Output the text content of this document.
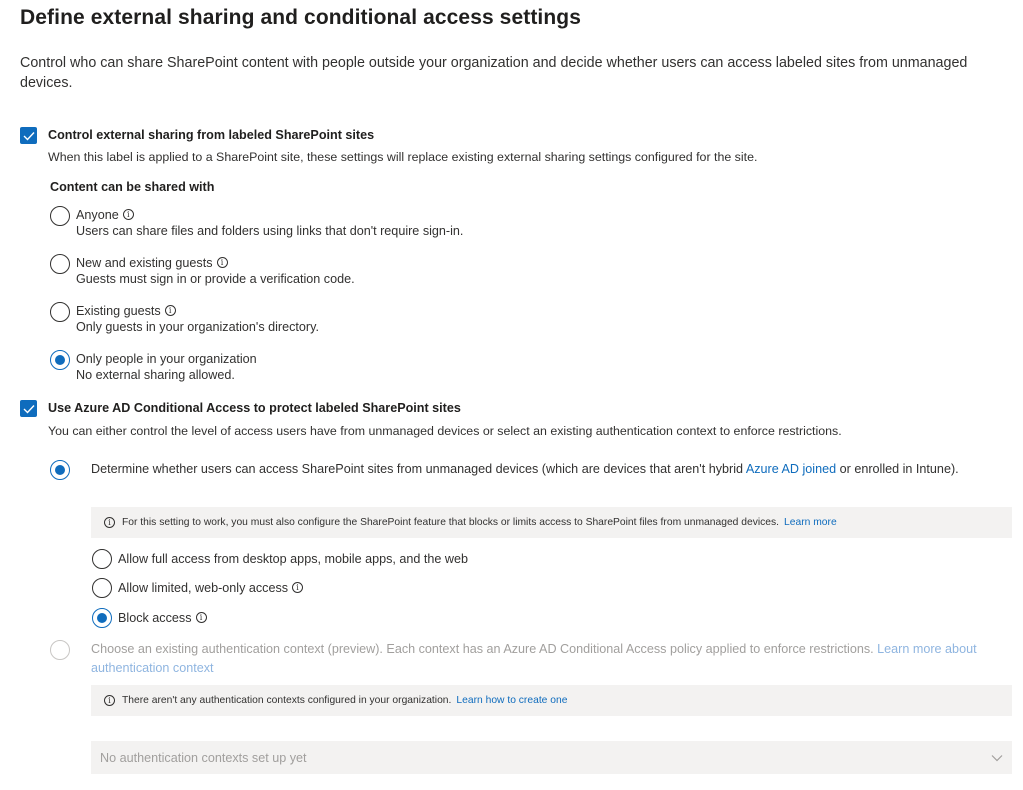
Define external sharing and conditional access settings
Control who can share SharePoint content with people outside your organization and decide whether users can access labeled sites from unmanaged devices.
Control external sharing from labeled SharePoint sites
When this label is applied to a SharePoint site, these settings will replace existing external sharing settings configured for the site.
Content can be shared with
Anyone	i
Users can share files and folders using links that don't require sign-in.
New and existing guests	i
Guests must sign in or provide a verification code.
Existing guests	i
Only guests in your organization's directory.
Only people in your organization
No external sharing allowed.
Use Azure AD Conditional Access to protect labeled SharePoint sites
You can either control the level of access users have from unmanaged devices or select an existing authentication context to enforce restrictions.
Determine whether users can access SharePoint sites from unmanaged devices (which are devices that aren't hybrid Azure AD joined or enrolled in Intune).
i	For this setting to work, you must also configure the SharePoint feature that blocks or limits access to SharePoint files from unmanaged devices. Learn more
Allow full access from desktop apps, mobile apps, and the web
Allow limited, web-only access	i
Block access	i
Choose an existing authentication context (preview). Each context has an Azure AD Conditional Access policy applied to enforce restrictions. Learn more about authentication context
i	There aren't any authentication contexts configured in your organization. Learn how to create one
No authentication contexts set up yet
